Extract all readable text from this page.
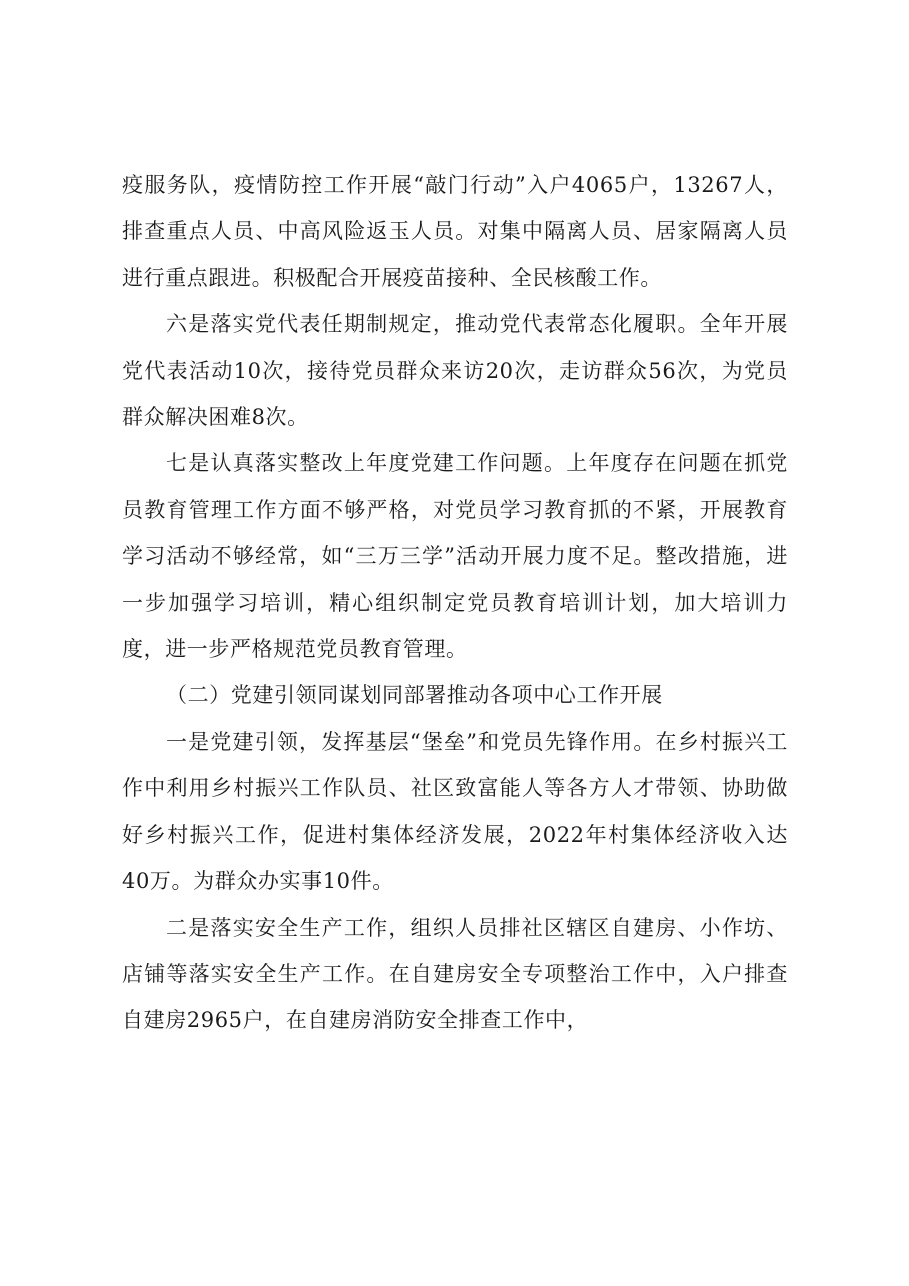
疫服务队，疫情防控工作开展“敲门行动”入户4065户，13267人，排查重点人员、中高风险返玉人员。对集中隔离人员、居家隔离人员进行重点跟进。积极配合开展疫苗接种、全民核酸工作。

六是落实党代表任期制规定，推动党代表常态化履职。全年开展党代表活动10次，接待党员群众来访20次，走访群众56次，为党员群众解决困难8次。

七是认真落实整改上年度党建工作问题。上年度存在问题在抓党员教育管理工作方面不够严格，对党员学习教育抓的不紧，开展教育学习活动不够经常，如“三万三学”活动开展力度不足。整改措施，进一步加强学习培训，精心组织制定党员教育培训计划，加大培训力度，进一步严格规范党员教育管理。

（二）党建引领同谋划同部署推动各项中心工作开展

一是党建引领，发挥基层“堡垒”和党员先锋作用。在乡村振兴工作中利用乡村振兴工作队员、社区致富能人等各方人才带领、协助做好乡村振兴工作，促进村集体经济发展，2022年村集体经济收入达40万。为群众办实事10件。

二是落实安全生产工作，组织人员排社区辖区自建房、小作坊、店铺等落实安全生产工作。在自建房安全专项整治工作中，入户排查自建房2965户，在自建房消防安全排查工作中，
